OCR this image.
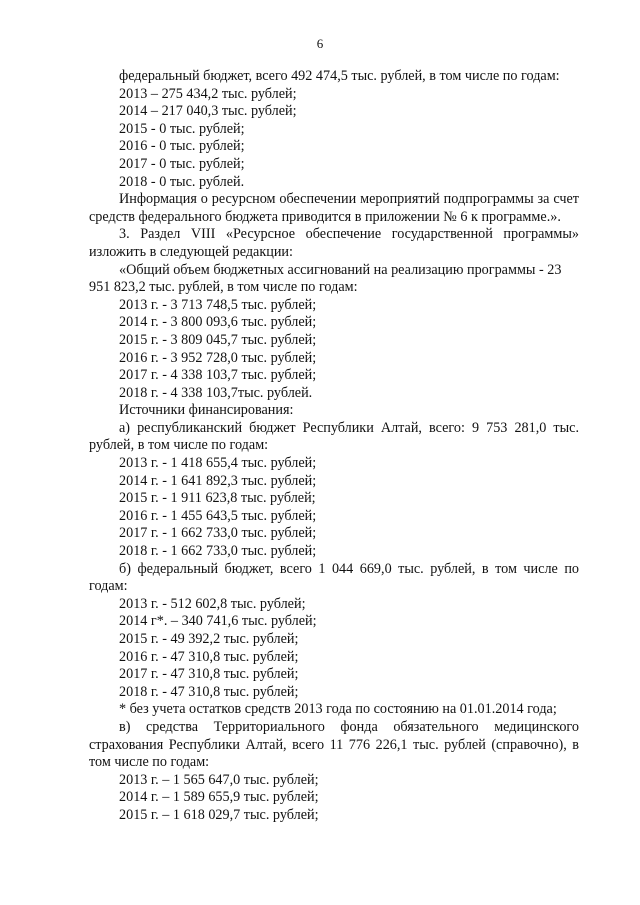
6

федеральный бюджет, всего 492 474,5 тыс. рублей, в том числе по годам:

2013 – 275 434,2 тыс. рублей;

2014 – 217 040,3 тыс. рублей;

2015 - 0 тыс. рублей;

2016 - 0 тыс. рублей;

2017 - 0 тыс. рублей;

2018 - 0 тыс. рублей.

Информация о ресурсном обеспечении мероприятий подпрограммы за счет средств федерального бюджета приводится в приложении № 6 к программе.».

3. Раздел VIII «Ресурсное обеспечение государственной программы» изложить в следующей редакции:

«Общий объем бюджетных ассигнований на реализацию программы - 23 951 823,2 тыс. рублей, в том числе по годам:

2013 г. - 3 713 748,5 тыс. рублей;

2014 г. - 3 800 093,6 тыс. рублей;

2015 г. - 3 809 045,7 тыс. рублей;

2016 г. - 3 952 728,0 тыс. рублей;

2017 г. - 4 338 103,7 тыс. рублей;

2018 г. - 4 338 103,7тыс. рублей.

Источники финансирования:

а) республиканский бюджет Республики Алтай, всего: 9 753 281,0 тыс. рублей, в том числе по годам:

2013 г. - 1 418 655,4 тыс. рублей;

2014 г. - 1 641 892,3 тыс. рублей;

2015 г. - 1 911 623,8 тыс. рублей;

2016 г. - 1 455 643,5 тыс. рублей;

2017 г. - 1 662 733,0 тыс. рублей;

2018 г. - 1 662 733,0 тыс. рублей;

б) федеральный бюджет, всего 1 044 669,0 тыс. рублей, в том числе по годам:

2013 г. - 512 602,8 тыс. рублей;

2014 г*. – 340 741,6 тыс. рублей;

2015 г. - 49 392,2 тыс. рублей;

2016 г. - 47 310,8 тыс. рублей;

2017 г. - 47 310,8 тыс. рублей;

2018 г. - 47 310,8 тыс. рублей;

* без учета остатков средств 2013 года по состоянию на 01.01.2014 года;

в) средства Территориального фонда обязательного медицинского страхования Республики Алтай, всего 11 776 226,1 тыс. рублей (справочно), в том числе по годам:

2013 г. – 1 565 647,0 тыс. рублей;

2014 г. – 1 589 655,9 тыс. рублей;

2015 г. – 1 618 029,7 тыс. рублей;
